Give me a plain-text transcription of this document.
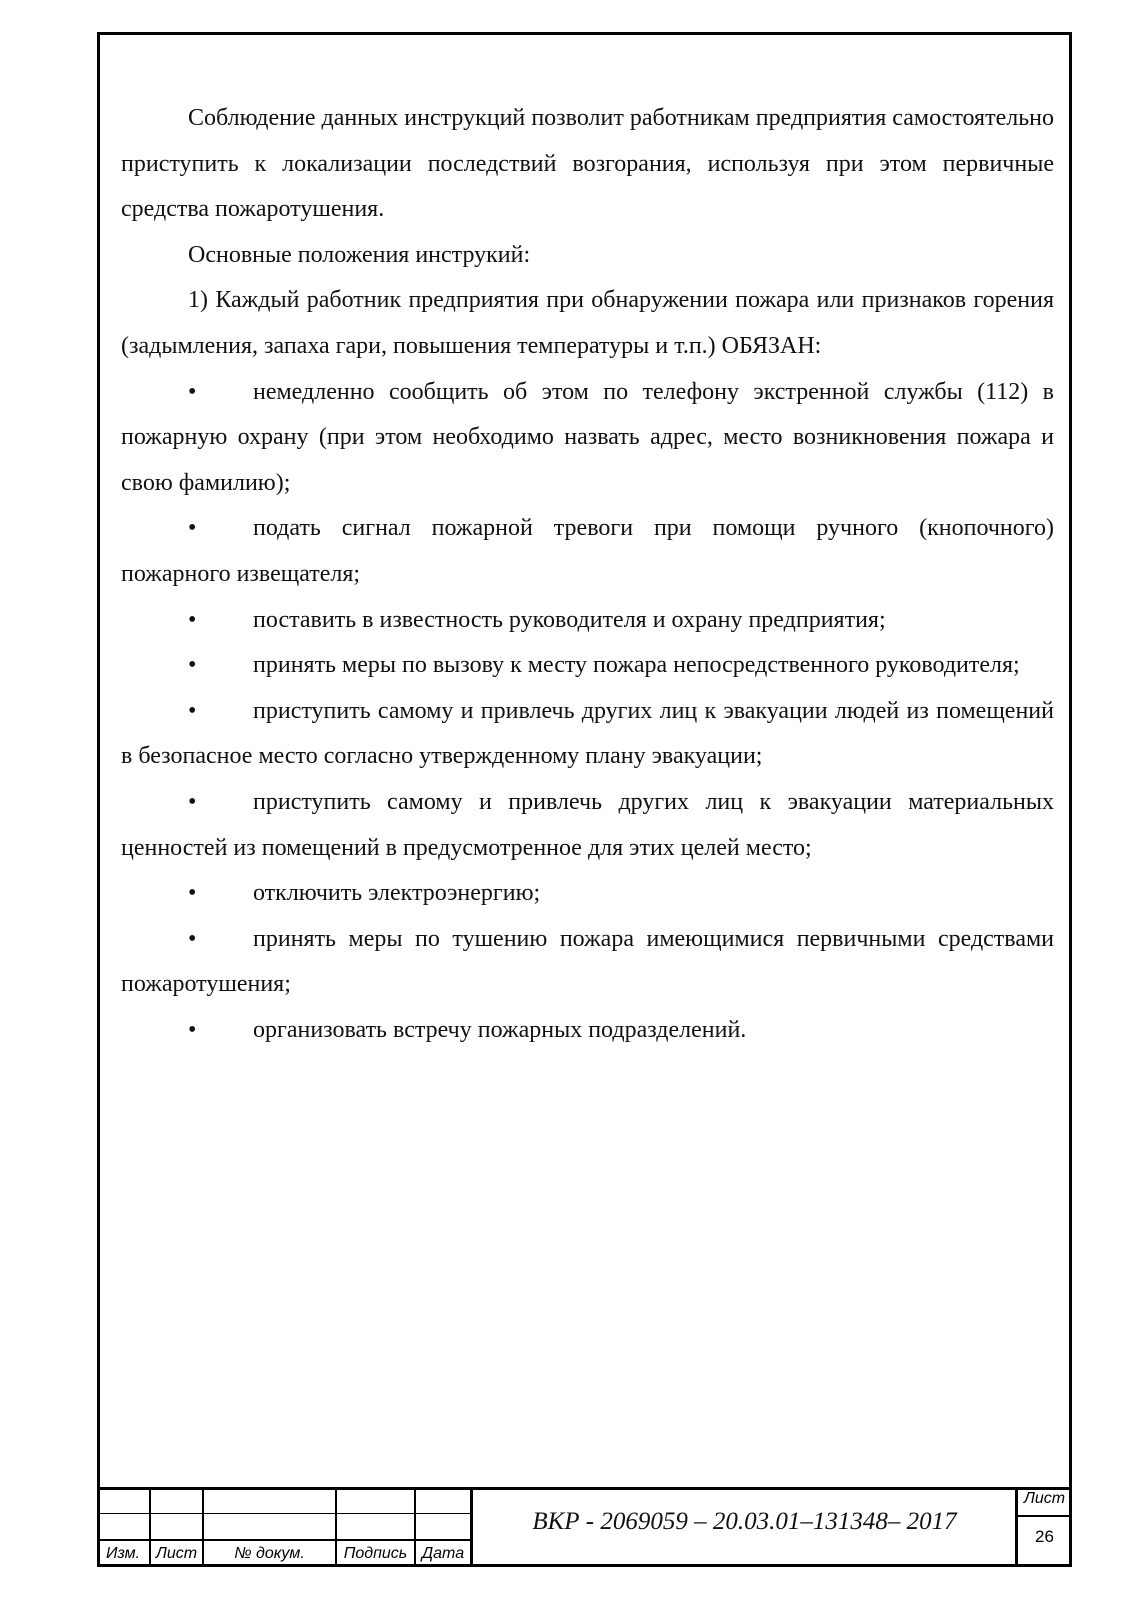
Соблюдение данных инструкций позволит работникам предприятия самостоятельно приступить к локализации последствий возгорания, используя при этом первичные средства пожаротушения.

Основные положения инструкий:

1) Каждый работник предприятия при обнаружении пожара или признаков горения (задымления, запаха гари, повышения температуры и т.п.) ОБЯЗАН:

• немедленно сообщить об этом по телефону экстренной службы (112) в пожарную охрану (при этом необходимо назвать адрес, место возникновения пожара и свою фамилию);

• подать сигнал пожарной тревоги при помощи ручного (кнопочного) пожарного извещателя;

• поставить в известность руководителя и охрану предприятия;

• принять меры по вызову к месту пожара непосредственного руководителя;

• приступить самому и привлечь других лиц к эвакуации людей из помещений в безопасное место согласно утвержденному плану эвакуации;

• приступить самому и привлечь других лиц к эвакуации материальных ценностей из помещений в предусмотренное для этих целей место;

• отключить электроэнергию;

• принять меры по тушению пожара имеющимися первичными средствами пожаротушения;

• организовать встречу пожарных подразделений.

Изм. Лист	№ докум.	Подпись Дата
ВКР - 2069059 – 20.03.01–131348– 2017
Лист
26
